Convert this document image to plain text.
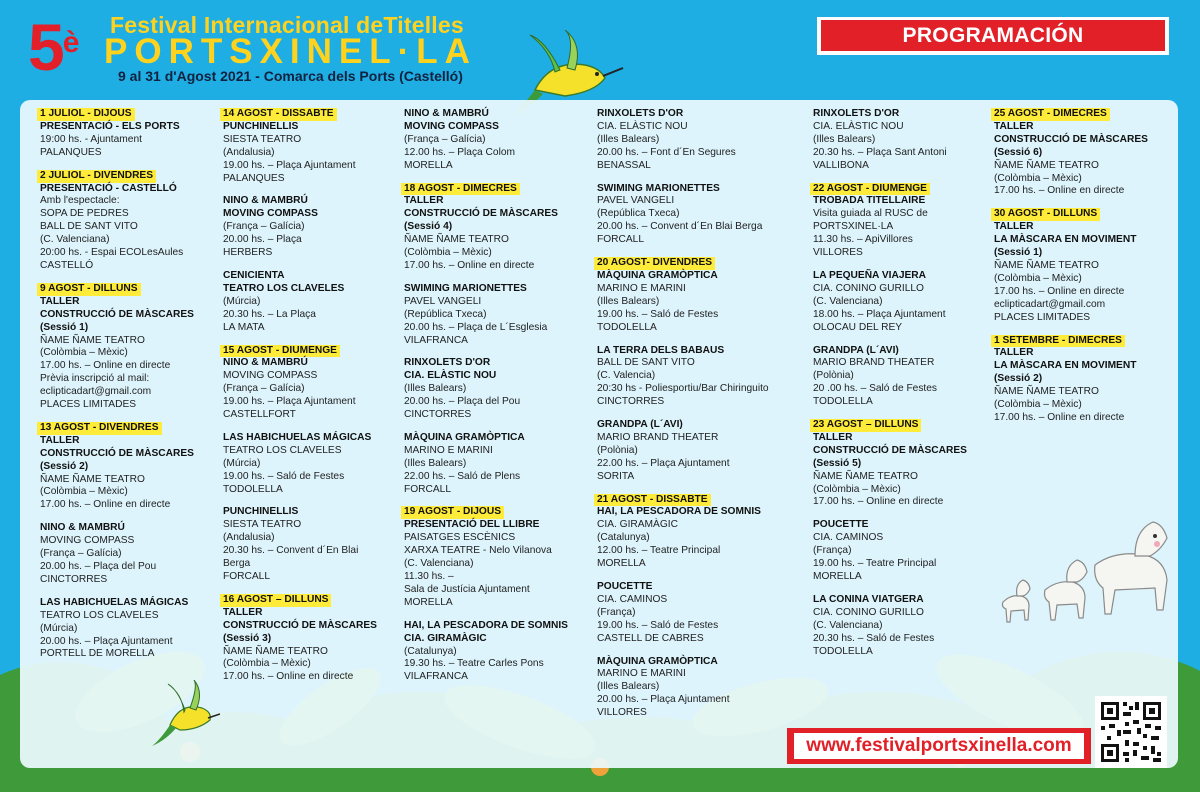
$5^è$
Festival Internacional deTitelles
PORTSXINEL·LA
9 al 31 d'Agost 2021 - Comarca dels Ports (Castelló)
PROGRAMACIÓN
1 JULIOL - DIJOUS
PRESENTACIÓ - ELS PORTS
19:00 hs. - Ajuntament
PALANQUES
2 JULIOL - DIVENDRES
PRESENTACIÓ - CASTELLÓ
Amb l'espectacle:
SOPA DE PEDRES
BALL DE SANT VITO
(C. Valenciana)
20:00 hs. - Espai ECOLesAules
CASTELLÓ
9 AGOST - DILLUNS
TALLER
CONSTRUCCIÓ DE MÀSCARES
(Sessió 1)
ÑAME ÑAME TEATRO
(Colòmbia – Mèxic)
17.00 hs. – Online en directe
Prèvia inscripció al mail:
eclipticadart@gmail.com
PLACES LIMITADES
13 AGOST - DIVENDRES
TALLER
CONSTRUCCIÓ DE MÀSCARES
(Sessió 2)
ÑAME ÑAME TEATRO
(Colòmbia – Mèxic)
17.00 hs. – Online en directe
NINO & MAMBRÚ
MOVING COMPASS
(França – Galícia)
20.00 hs. – Plaça del Pou
CINCTORRES
LAS HABICHUELAS MÁGICAS
TEATRO LOS CLAVELES
(Múrcia)
20.00 hs. – Plaça Ajuntament
PORTELL DE MORELLA
14 AGOST - DISSABTE
PUNCHINELLIS
SIESTA TEATRO
(Andalusia)
19.00 hs. – Plaça Ajuntament
PALANQUES
NINO & MAMBRÚ
MOVING COMPASS
(França – Galícia)
20.00 hs. – Plaça
HERBERS
CENICIENTA
TEATRO LOS CLAVELES
(Múrcia)
20.30 hs. – La Plaça
LA MATA
15 AGOST - DIUMENGE
NINO & MAMBRÚ
MOVING COMPASS
(França – Galícia)
19.00 hs. – Plaça Ajuntament
CASTELLFORT
LAS HABICHUELAS MÁGICAS
TEATRO LOS CLAVELES
(Múrcia)
19.00 hs. – Saló de Festes
TODOLELLA
PUNCHINELLIS
SIESTA TEATRO
(Andalusia)
20.30 hs. – Convent d´En Blai
Berga
FORCALL
16 AGOST – DILLUNS
TALLER
CONSTRUCCIÓ DE MÀSCARES
(Sessió 3)
ÑAME ÑAME TEATRO
(Colòmbia – Mèxic)
17.00 hs. – Online en directe
NINO & MAMBRÚ
MOVING COMPASS
(França – Galícia)
12.00 hs. – Plaça Colom
MORELLA
18 AGOST - DIMECRES
TALLER
CONSTRUCCIÓ DE MÀSCARES
(Sessió 4)
ÑAME ÑAME TEATRO
(Colòmbia – Mèxic)
17.00 hs. – Online en directe
SWIMING MARIONETTES
PAVEL VANGELI
(República Txeca)
20.00 hs. – Plaça de L´Esglesia
VILAFRANCA
RINXOLETS D'OR
CIA. ELÀSTIC NOU
(Illes Balears)
20.00 hs. – Plaça del Pou
CINCTORRES
MÀQUINA GRAMÒPTICA
MARINO E MARINI
(Illes Balears)
22.00 hs. – Saló de Plens
FORCALL
19 AGOST - DIJOUS
PRESENTACIÓ DEL LLIBRE
PAISATGES ESCÈNICS
XARXA TEATRE - Nelo Vilanova
(C. Valenciana)
11.30 hs. –
Sala de Justícia Ajuntament
MORELLA
HAI, LA PESCADORA DE SOMNIS
CIA. GIRAMÀGIC
(Catalunya)
19.30 hs. – Teatre Carles Pons
VILAFRANCA
RINXOLETS D'OR
CIA. ELÀSTIC NOU
(Illes Balears)
20.00 hs. – Font d´En Segures
BENASSAL
SWIMING MARIONETTES
PAVEL VANGELI
(República Txeca)
20.00 hs. – Convent d´En Blai Berga
FORCALL
20 AGOST- DIVENDRES
MÀQUINA GRAMÒPTICA
MARINO E MARINI
(Illes Balears)
19.00 hs. – Saló de Festes
TODOLELLA
LA TERRA DELS BABAUS
BALL DE SANT VITO
(C. Valencia)
20:30 hs - Poliesportiu/Bar Chiringuito
CINCTORRES
GRANDPA (L´AVI)
MARIO BRAND THEATER
(Polònia)
22.00 hs. – Plaça Ajuntament
SORITA
21 AGOST - DISSABTE
HAI, LA PESCADORA DE SOMNIS
CIA. GIRAMÀGIC
(Catalunya)
12.00 hs. – Teatre Principal
MORELLA
POUCETTE
CIA. CAMINOS
(França)
19.00 hs. – Saló de Festes
CASTELL DE CABRES
MÀQUINA GRAMÒPTICA
MARINO E MARINI
(Illes Balears)
20.00 hs. – Plaça Ajuntament
VILLORES
RINXOLETS D'OR
CIA. ELÀSTIC NOU
(Illes Balears)
20.30 hs. – Plaça Sant Antoni
VALLIBONA
22 AGOST - DIUMENGE
TROBADA TITELLAIRE
Visita guiada al RUSC de
PORTSXINEL·LA
11.30 hs. – ApiVillores
VILLORES
LA PEQUEÑA VIAJERA
CIA. CONINO GURILLO
(C. Valenciana)
18.00 hs. – Plaça Ajuntament
OLOCAU DEL REY
GRANDPA (L´AVI)
MARIO BRAND THEATER
(Polònia)
20 .00 hs. – Saló de Festes
TODOLELLA
23 AGOST – DILLUNS
TALLER
CONSTRUCCIÓ DE MÀSCARES
(Sessió 5)
ÑAME ÑAME TEATRO
(Colòmbia – Mèxic)
17.00 hs. – Online en directe
POUCETTE
CIA. CAMINOS
(França)
19.00 hs. – Teatre Principal
MORELLA
LA CONINA VIATGERA
CIA. CONINO GURILLO
(C. Valenciana)
20.30 hs. – Saló de Festes
TODOLELLA
25 AGOST - DIMECRES
TALLER
CONSTRUCCIÓ DE MÀSCARES
(Sessió 6)
ÑAME ÑAME TEATRO
(Colòmbia – Mèxic)
17.00 hs. – Online en directe
30 AGOST - DILLUNS
TALLER
LA MÀSCARA EN MOVIMENT
(Sessió 1)
ÑAME ÑAME TEATRO
(Colòmbia – Mèxic)
17.00 hs. – Online en directe
eclipticadart@gmail.com
PLACES LIMITADES
1 SETEMBRE - DIMECRES
TALLER
LA MÀSCARA EN MOVIMENT
(Sessió 2)
ÑAME ÑAME TEATRO
(Colòmbia – Mèxic)
17.00 hs. – Online en directe
www.festivalportsxinella.com
